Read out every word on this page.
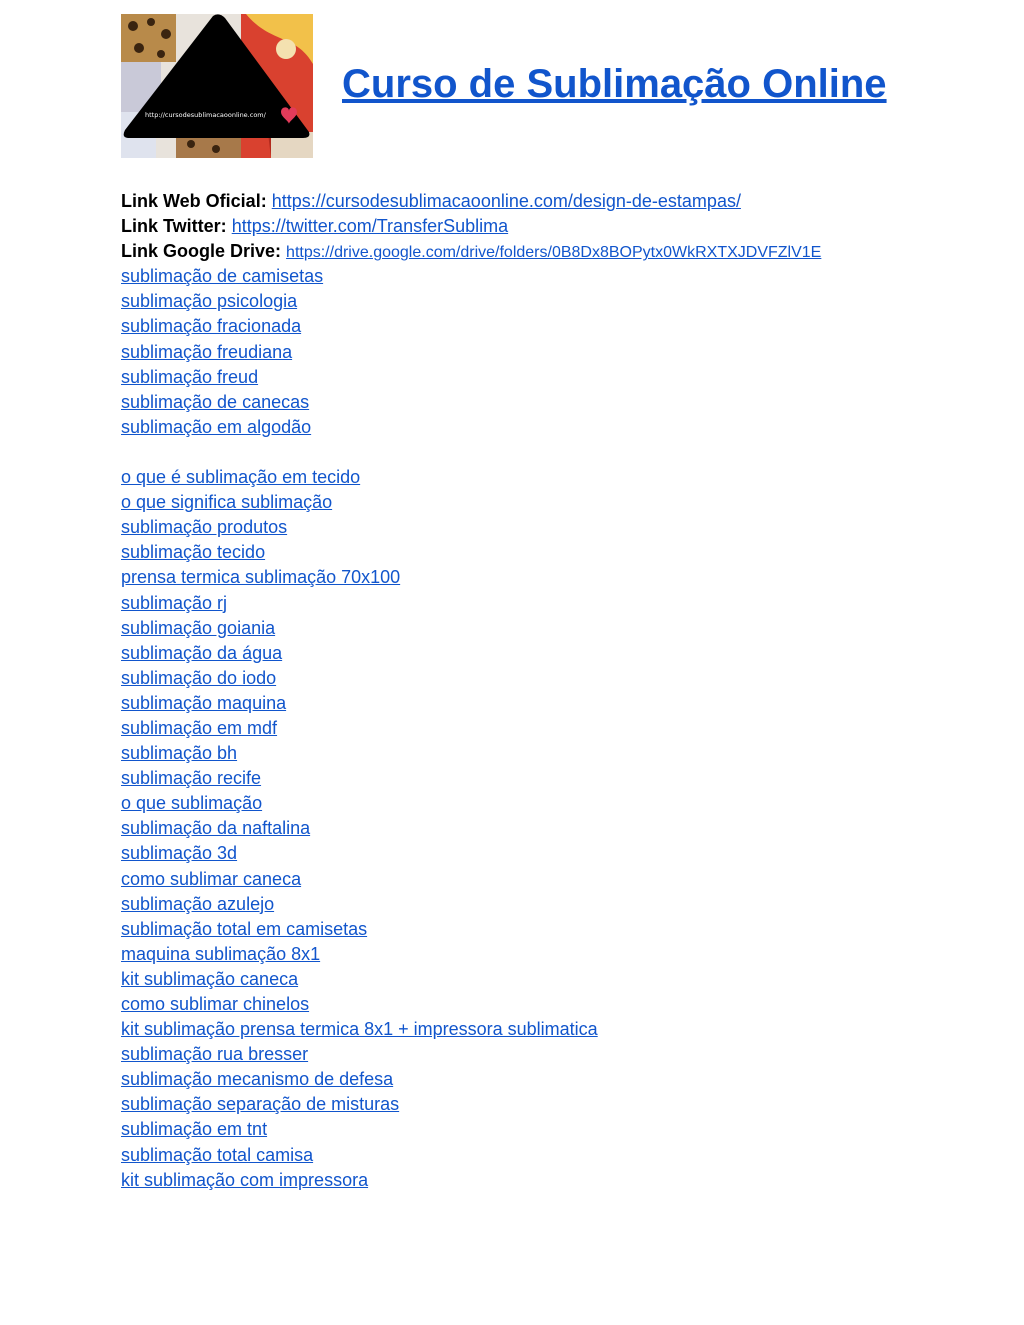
http://cursodesublimacaoonline.com/
Curso de Sublimação Online
Link Web Oficial: https://cursodesublimacaoonline.com/design-de-estampas/
Link Twitter: https://twitter.com/TransferSublima
Link Google Drive: https://drive.google.com/drive/folders/0B8Dx8BOPytx0WkRXTXJDVFZlV1E
sublimação de camisetas
sublimação psicologia
sublimação fracionada
sublimação freudiana
sublimação freud
sublimação de canecas
sublimação em algodão
o que é sublimação em tecido
o que significa sublimação
sublimação produtos
sublimação tecido
prensa termica sublimação 70x100
sublimação rj
sublimação goiania
sublimação da água
sublimação do iodo
sublimação maquina
sublimação em mdf
sublimação bh
sublimação recife
o que sublimação
sublimação da naftalina
sublimação 3d
como sublimar caneca
sublimação azulejo
sublimação total em camisetas
maquina sublimação 8x1
kit sublimação caneca
como sublimar chinelos
kit sublimação prensa termica 8x1 + impressora sublimatica
sublimação rua bresser
sublimação mecanismo de defesa
sublimação separação de misturas
sublimação em tnt
sublimação total camisa
kit sublimação com impressora
